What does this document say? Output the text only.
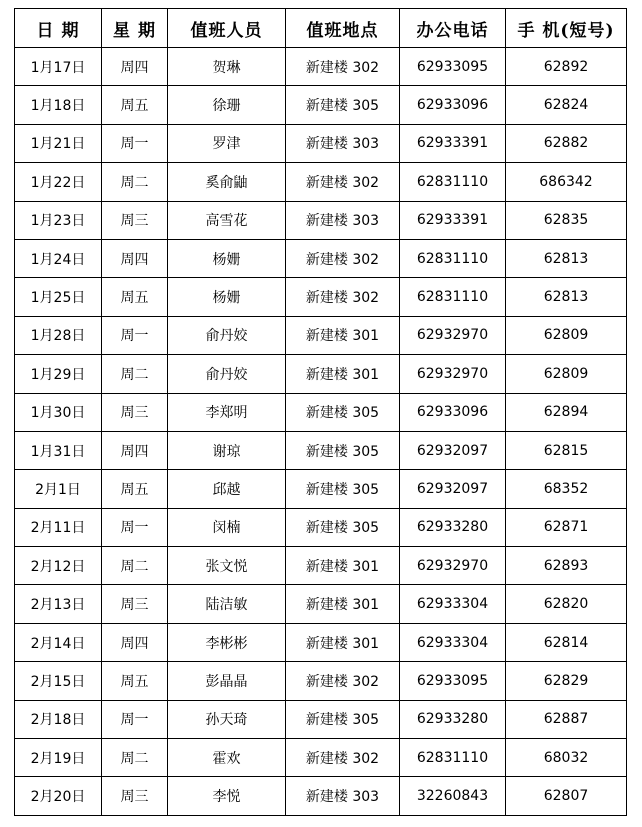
日 期	星 期	值班人员	值班地点	办公电话	手 机(短号)
1月17日	周四	贺琳	新建楼 302	62933095	62892
1月18日	周五	徐珊	新建楼 305	62933096	62824
1月21日	周一	罗津	新建楼 303	62933391	62882
1月22日	周二	奚俞鼬	新建楼 302	62831110	686342
1月23日	周三	高雪花	新建楼 303	62933391	62835
1月24日	周四	杨姗	新建楼 302	62831110	62813
1月25日	周五	杨姗	新建楼 302	62831110	62813
1月28日	周一	俞丹姣	新建楼 301	62932970	62809
1月29日	周二	俞丹姣	新建楼 301	62932970	62809
1月30日	周三	李郑明	新建楼 305	62933096	62894
1月31日	周四	谢琼	新建楼 305	62932097	62815
2月1日	周五	邱越	新建楼 305	62932097	68352
2月11日	周一	闵楠	新建楼 305	62933280	62871
2月12日	周二	张文悦	新建楼 301	62932970	62893
2月13日	周三	陆洁敏	新建楼 301	62933304	62820
2月14日	周四	李彬彬	新建楼 301	62933304	62814
2月15日	周五	彭晶晶	新建楼 302	62933095	62829
2月18日	周一	孙天琦	新建楼 305	62933280	62887
2月19日	周二	霍欢	新建楼 302	62831110	68032
2月20日	周三	李悦	新建楼 303	32260843	62807
